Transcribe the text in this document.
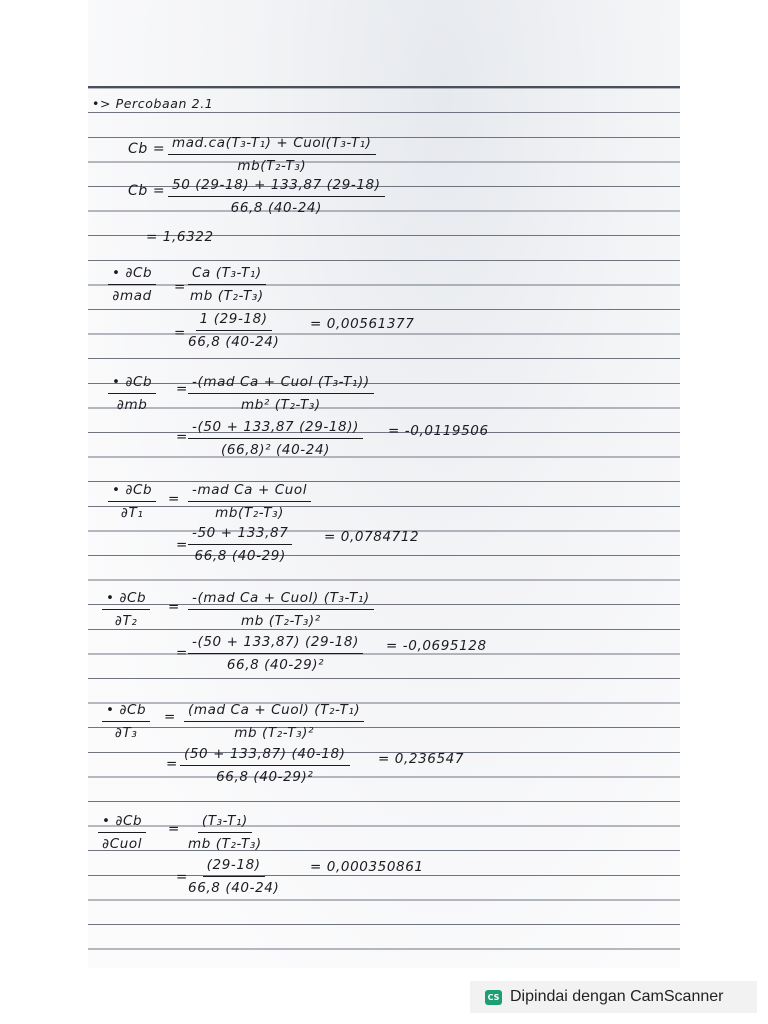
•> Percobaan 2.1
Cb = mad.ca(T₃-T₁) + Cuol(T₃-T₁)
mb(T₂-T₃)
$Cb = \frac{50 (29-18) + 133,87 (29-18)}{66,8 (40-24)}$
= 1,6322
• ∂Cb
∂mad
= $\frac{\text{Ca (T₃-T₁)}}{\text{mb (T₂-T₃)}}$
= $\frac{1 (29-18)}{66,8 (40-24)} = 0,00561377$
$\frac{• \partial Cb}{\partial mb} = -(mad$ Ca + Cuol (T₃-T₁))
mb² (T₂-T₃)
= $\frac{-(50 + 133,87 (29-18))}{\text{(66,8)² (40-24)}} = -0,0119506$
$\frac{• \partial Cb}{\text{∂T₁}}$ =
-mad Ca + Cuol
mb(T₂-T₃)
= $\frac{-50 + 133,87}{66,8 (40-29)} = 0,0784712$
$\frac{• \partial Cb}{\text{∂T₂}}$ =
-(mad Ca + Cuol) (T₃-T₁)
mb (T₂-T₃)²
= $\frac{-(50 + 133,87) (29-18)}{\text{66,8 (40-29)²}} = -0,0695128$
$\frac{• \partial Cb}{\text{∂T₃}} = (mad$ Ca + Cuol) (T₂-T₁)
mb (T₂-T₃)²
= $\frac{(50 + 133,87) (40-18)}{\text{66,8 (40-29)²}} = 0,236547$
• ∂Cb
∂Cuol
= $\frac{\text{(T₃-T₁)}}{\text{mb (T₂-T₃)}}$
= $\frac{(29-18)}{66,8 (40-24)} = 0,000350861$
CS Dipindai dengan CamScanner
